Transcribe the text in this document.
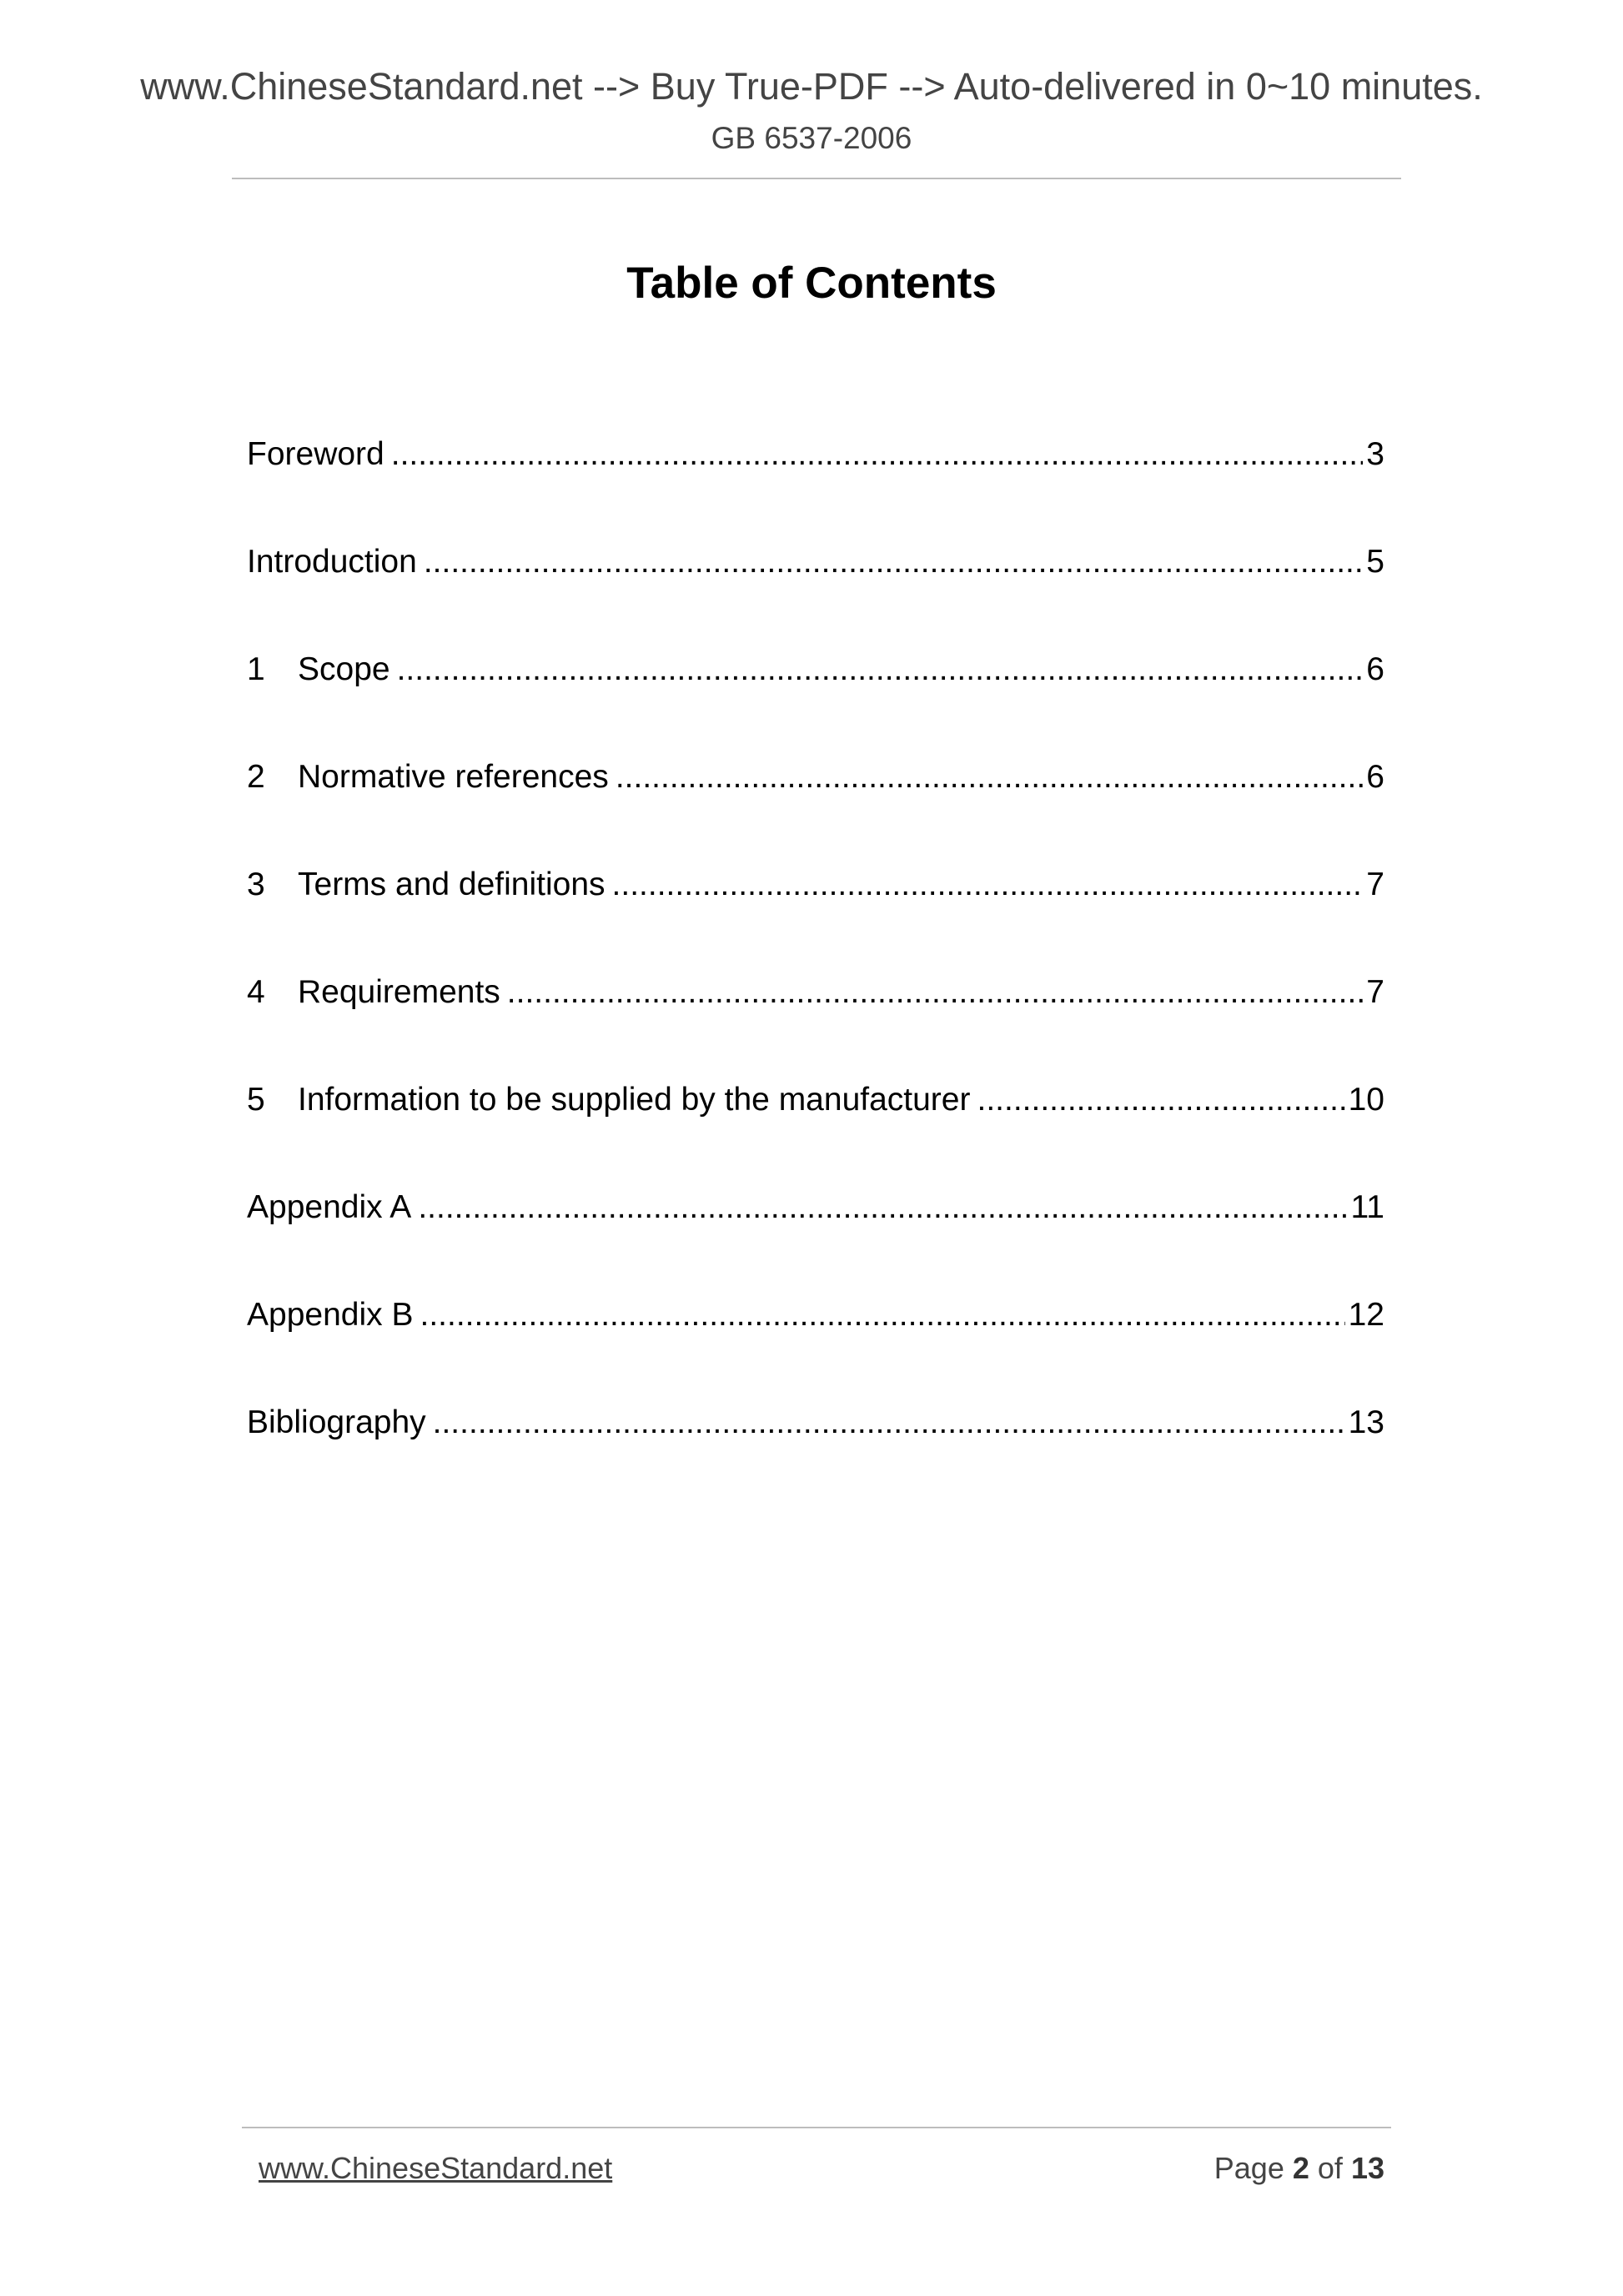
www.ChineseStandard.net --> Buy True-PDF --> Auto-delivered in 0~10 minutes.
GB 6537-2006
Table of Contents
Foreword .....	3
Introduction .....	5
1	Scope .....	6
2	Normative references .....	6
3	Terms and definitions .....	7
4	Requirements .....	7
5	Information to be supplied by the manufacturer .....	10
Appendix A .....	11
Appendix B .....	12
Bibliography .....	13
www.ChineseStandard.net	Page 2 of 13
